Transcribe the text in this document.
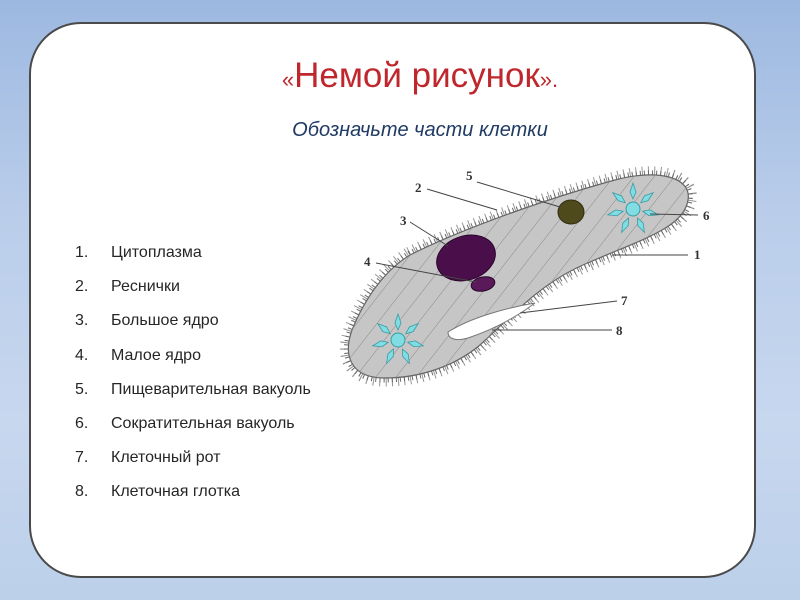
«Немой рисунок».
Обозначьте части клетки
1. Цитоплазма
2. Реснички
3. Большое ядро
4. Малое ядро
5. Пищеварительная вакуоль
6. Сократительная вакуоль
7. Клеточный рот
8. Клеточная глотка
1
2
3
4
5
6
7
8
